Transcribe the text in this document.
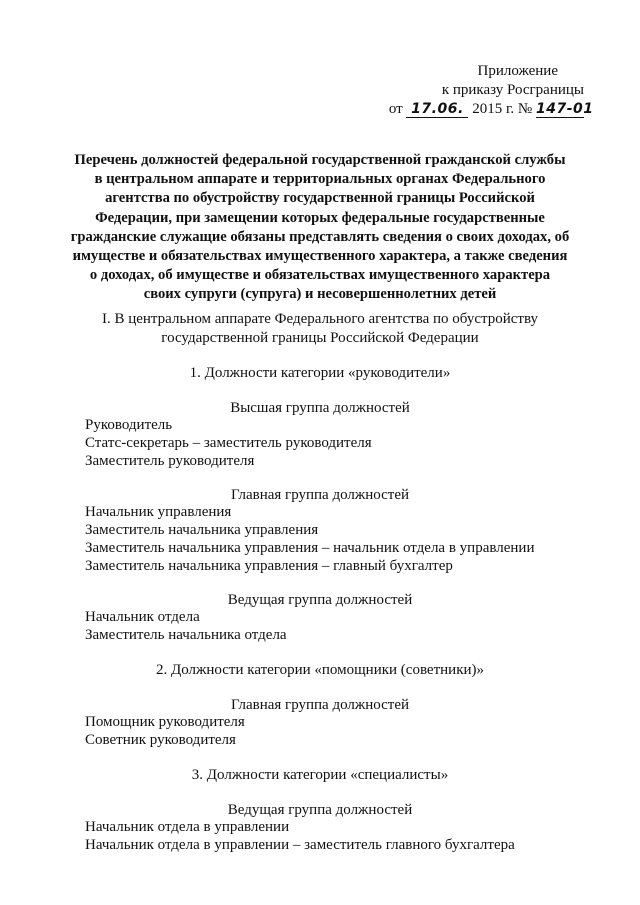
Приложение
к приказу Росграницы
от 17.06. 2015 г. № 147-01
Перечень должностей федеральной государственной гражданской службы
в центральном аппарате и территориальных органах Федерального
агентства по обустройству государственной границы Российской
Федерации, при замещении которых федеральные государственные
гражданские служащие обязаны представлять сведения о своих доходах, об
имуществе и обязательствах имущественного характера, а также сведения
о доходах, об имуществе и обязательствах имущественного характера
своих супруги (супруга) и несовершеннолетних детей
I. В центральном аппарате Федерального агентства по обустройству
государственной границы Российской Федерации
1. Должности категории «руководители»
Высшая группа должностей
Руководитель
Статс-секретарь – заместитель руководителя
Заместитель руководителя
Главная группа должностей
Начальник управления
Заместитель начальника управления
Заместитель начальника управления – начальник отдела в управлении
Заместитель начальника управления – главный бухгалтер
Ведущая группа должностей
Начальник отдела
Заместитель начальника отдела
2. Должности категории «помощники (советники)»
Главная группа должностей
Помощник руководителя
Советник руководителя
3. Должности категории «специалисты»
Ведущая группа должностей
Начальник отдела в управлении
Начальник отдела в управлении – заместитель главного бухгалтера
